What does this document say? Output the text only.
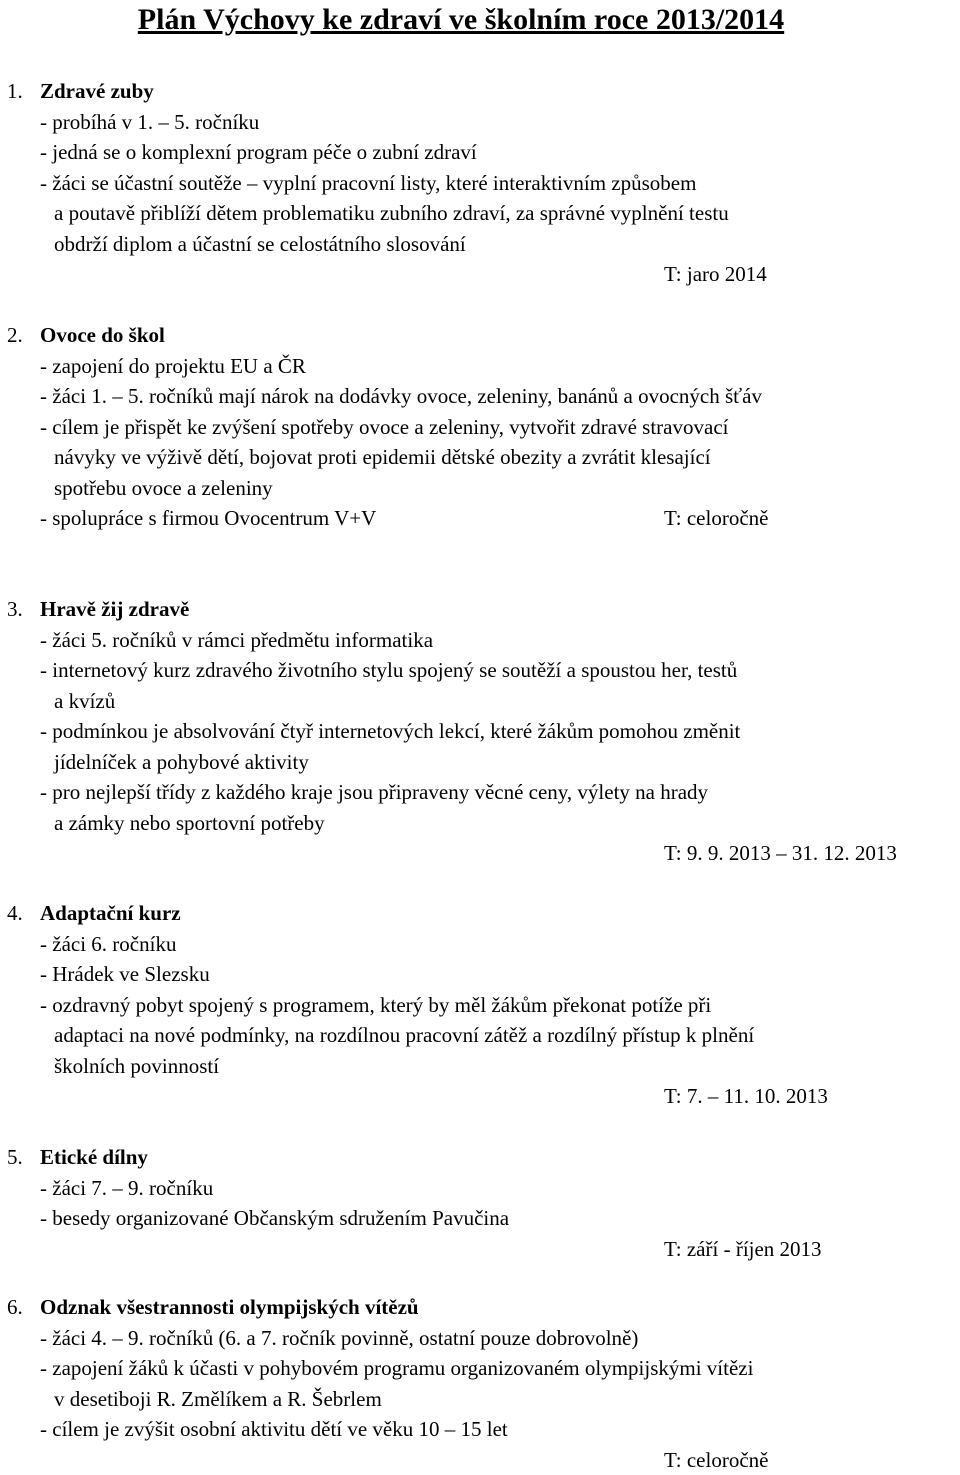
Plán Výchovy ke zdraví ve školním roce 2013/2014
1. Zdravé zuby
- probíhá v 1. – 5. ročníku
- jedná se o komplexní program péče o zubní zdraví
- žáci se účastní soutěže – vyplní pracovní listy, které interaktivním způsobem
a poutavě přiblíží dětem problematiku zubního zdraví, za správné vyplnění testu
obdrží diplom a účastní se celostátního slosování
T: jaro 2014
2. Ovoce do škol
- zapojení do projektu EU a ČR
- žáci 1. – 5. ročníků mají nárok na dodávky ovoce, zeleniny, banánů a ovocných šťáv
- cílem je přispět ke zvýšení spotřeby ovoce a zeleniny, vytvořit zdravé stravovací
návyky ve výživě dětí, bojovat proti epidemii dětské obezity a zvrátit klesající
spotřebu ovoce a zeleniny
- spolupráce s firmou Ovocentrum V+V	T: celoročně
3. Hravě žij zdravě
- žáci 5. ročníků v rámci předmětu informatika
- internetový kurz zdravého životního stylu spojený se soutěží a spoustou her, testů
a kvízů
- podmínkou je absolvování čtyř internetových lekcí, které žákům pomohou změnit
jídelníček a pohybové aktivity
- pro nejlepší třídy z každého kraje jsou připraveny věcné ceny, výlety na hrady
a zámky nebo sportovní potřeby
T: 9. 9. 2013 – 31. 12. 2013
4. Adaptační kurz
- žáci 6. ročníku
- Hrádek ve Slezsku
- ozdravný pobyt spojený s programem, který by měl žákům překonat potíže při
adaptaci na nové podmínky, na rozdílnou pracovní zátěž a rozdílný přístup k plnění
školních povinností
T: 7. – 11. 10. 2013
5. Etické dílny
- žáci 7. – 9. ročníku
- besedy organizované Občanským sdružením Pavučina
T: září - říjen 2013
6. Odznak všestrannosti olympijských vítězů
- žáci 4. – 9. ročníků (6. a 7. ročník povinně, ostatní pouze dobrovolně)
- zapojení žáků k účasti v pohybovém programu organizovaném olympijskými vítězi
v desetiboji R. Změlíkem a R. Šebrlem
- cílem je zvýšit osobní aktivitu dětí ve věku 10 – 15 let
T: celoročně
